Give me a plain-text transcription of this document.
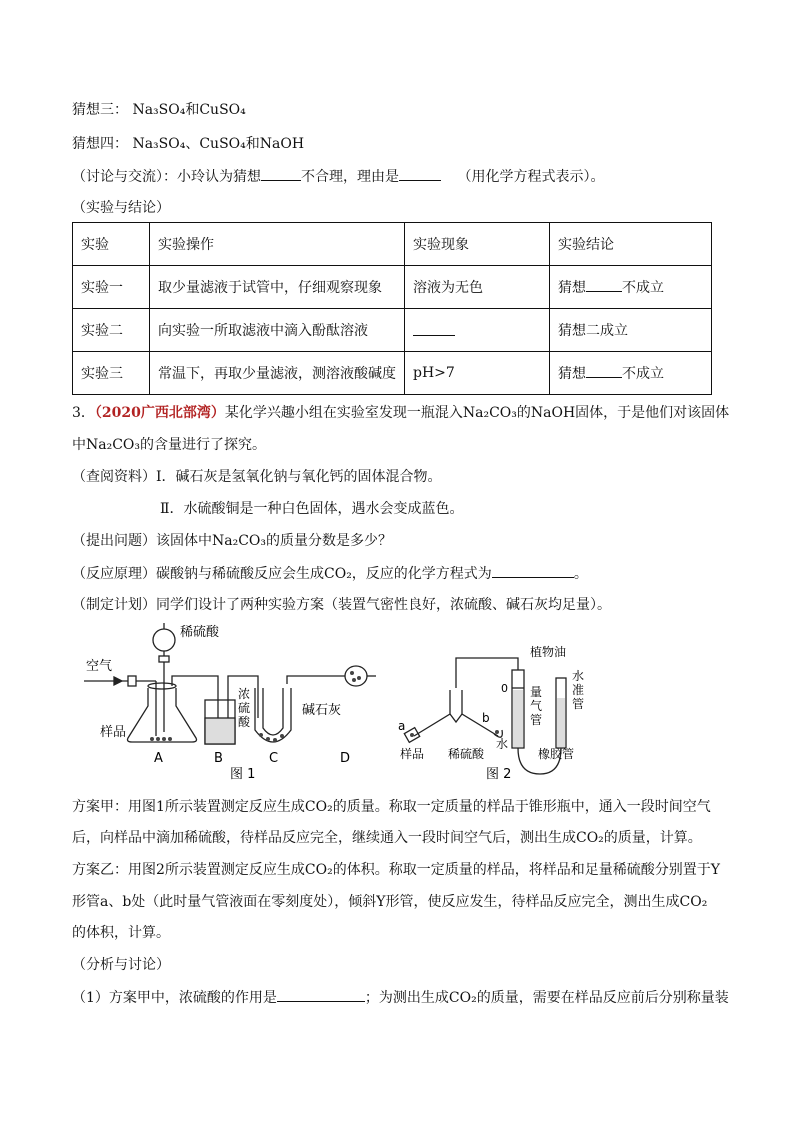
猜想三： Na₃SO₄和CuSO₄
猜想四： Na₃SO₄、CuSO₄和NaOH
（讨论与交流）：小玲认为猜想	不合理，理由是	（用化学方程式表示）。
（实验与结论）
实验	实验操作	实验现象	实验结论
实验一	取少量滤液于试管中，仔细观察现象	溶液为无色	猜想 不成立
实验二	向实验一所取滤液中滴入酚酞溶液		猜想二成立
实验三	常温下，再取少量滤液，测溶液酸碱度	pH>7	猜想 不成立
3．（2020广西北部湾）某化学兴趣小组在实验室发现一瓶混入Na₂CO₃的NaOH固体，于是他们对该固体
中Na₂CO₃的含量进行了探究。
（查阅资料）Ⅰ．碱石灰是氢氧化钠与氧化钙的固体混合物。
Ⅱ．水硫酸铜是一种白色固体，遇水会变成蓝色。
（提出问题）该固体中Na₂CO₃的质量分数是多少？
（反应原理）碳酸钠与稀硫酸反应会生成CO₂，反应的化学方程式为	。
（制定计划）同学们设计了两种实验方案（装置气密性良好，浓硫酸、碱石灰均足量）。
空气
稀硫酸
样品
浓 硫 酸
碱石灰
A	B	C	D
图 1
植物油
0 量 气 管
水 准 管
a
b
水
样品 稀硫酸	橡胶管
图 2
方案甲：用图1所示装置测定反应生成CO₂的质量。称取一定质量的样品于锥形瓶中，通入一段时间空气
后，向样品中滴加稀硫酸，待样品反应完全，继续通入一段时间空气后，测出生成CO₂的质量，计算。
方案乙：用图2所示装置测定反应生成CO₂的体积。称取一定质量的样品，将样品和足量稀硫酸分别置于Y
形管a、b处（此时量气管液面在零刻度处），倾斜Y形管，使反应发生，待样品反应完全，测出生成CO₂
的体积，计算。
（分析与讨论）
（1）方案甲中，浓硫酸的作用是	；为测出生成CO₂的质量，需要在样品反应前后分别称量装
